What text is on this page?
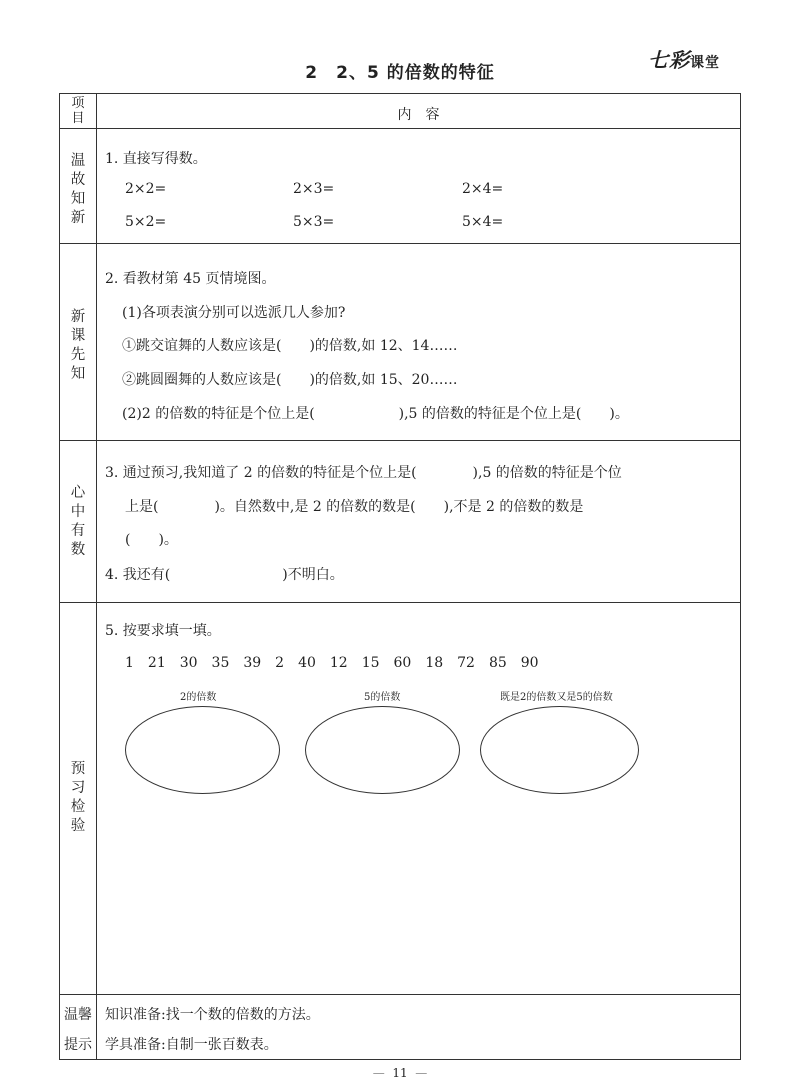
2　2、5 的倍数的特征
七彩课堂
项目	内　容
温故知新
1. 直接写得数。
2×2=	2×3=	2×4=
5×2=	5×3=	5×4=
新课先知
2. 看教材第 45 页情境图。
(1)各项表演分别可以选派几人参加?
①跳交谊舞的人数应该是(　　)的倍数,如 12、14……
②跳圆圈舞的人数应该是(　　)的倍数,如 15、20……
(2)2 的倍数的特征是个位上是(　　　　　　),5 的倍数的特征是个位上是(　　)。
心中有数
3. 通过预习,我知道了 2 的倍数的特征是个位上是(　　　　),5 的倍数的特征是个位
上是(　　　　)。自然数中,是 2 的倍数的数是(　　),不是 2 的倍数的数是
(　　)。
4. 我还有(　　　　　　　　)不明白。
预习检验
5. 按要求填一填。
1　21　30　35　39　2　40　12　15　60　18　72　85　90
2的倍数	5的倍数	既是2的倍数又是5的倍数
温馨
提示
知识准备:找一个数的倍数的方法。
学具准备:自制一张百数表。
— 11 —
